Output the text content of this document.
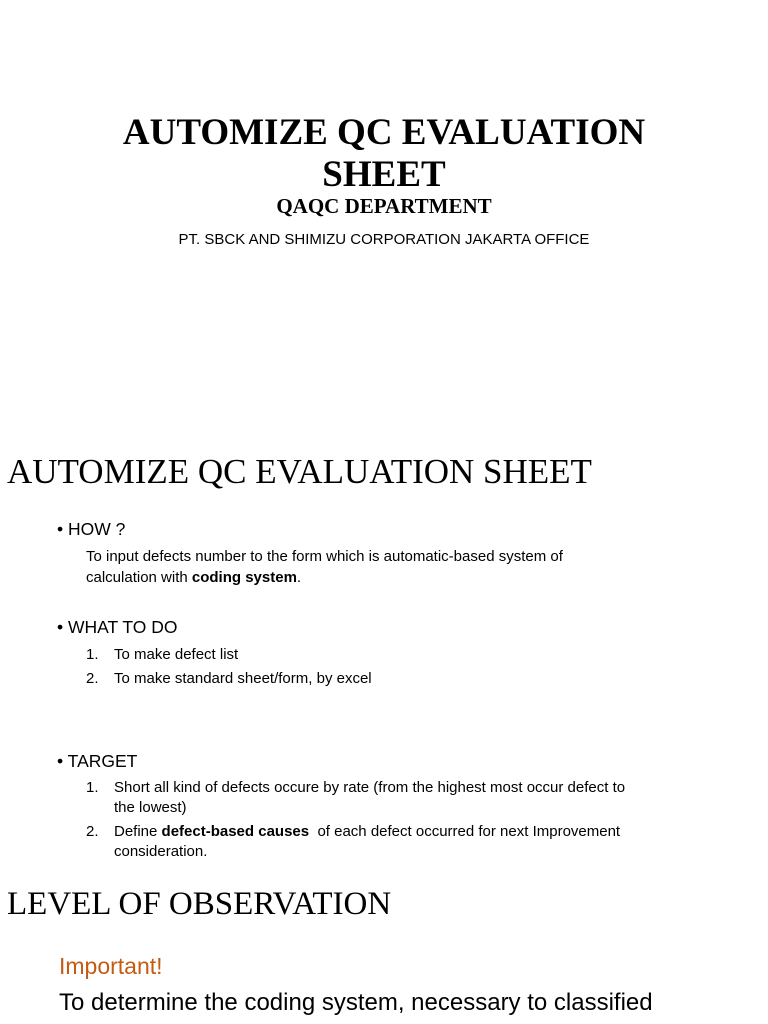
AUTOMIZE QC EVALUATION
SHEET
QAQC DEPARTMENT
PT. SBCK AND SHIMIZU CORPORATION JAKARTA OFFICE
AUTOMIZE QC EVALUATION SHEET
• HOW ?
To input defects number to the form which is automatic-based system of
calculation with coding system.
• WHAT TO DO
1. To make defect list
2. To make standard sheet/form, by excel
• TARGET
1. Short all kind of defects occure by rate (from the highest most occur defect to
the lowest)
2. Define defect-based causes  of each defect occurred for next Improvement
consideration.
LEVEL OF OBSERVATION
Important!
To determine the coding system, necessary to classified
